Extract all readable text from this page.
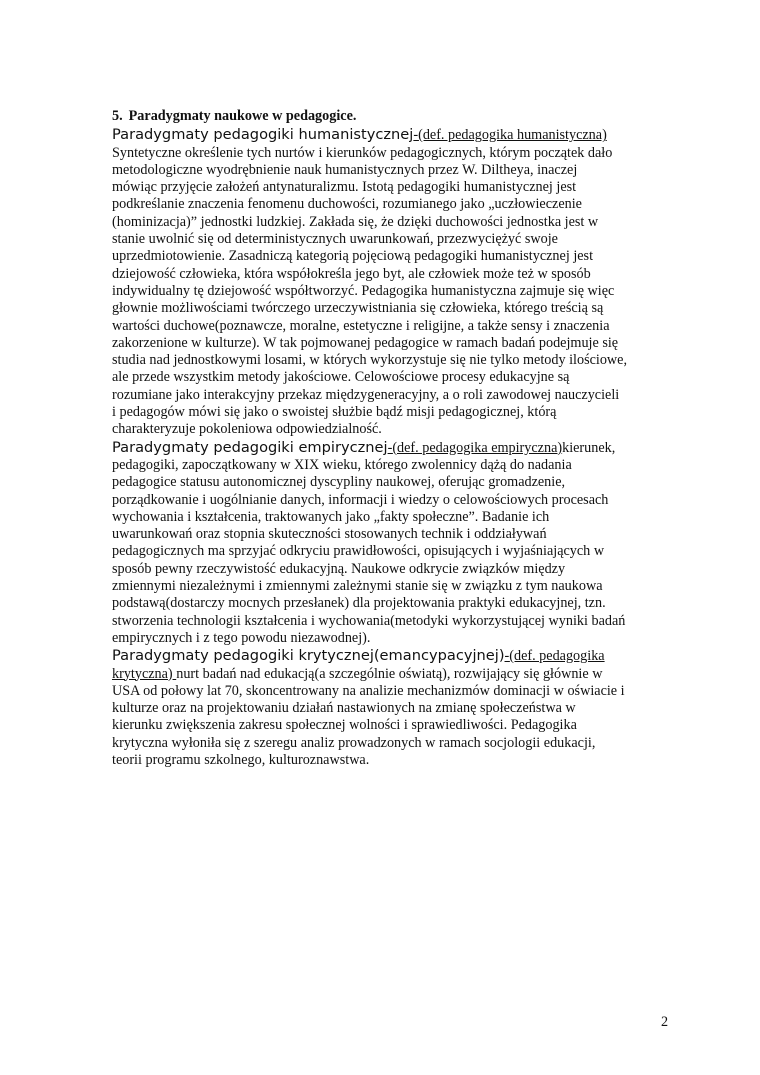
5. Paradygmaty naukowe w pedagogice.
Paradygmaty pedagogiki humanistycznej-(def. pedagogika humanistyczna)

Syntetyczne określenie tych nurtów i kierunków pedagogicznych, którym początek dało
metodologiczne wyodrębnienie nauk humanistycznych przez W. Diltheya, inaczej
mówiąc przyjęcie założeń antynaturalizmu. Istotą pedagogiki humanistycznej jest
podkreślanie znaczenia fenomenu duchowości, rozumianego jako „uczłowieczenie
(hominizacja)” jednostki ludzkiej. Zakłada się, że dzięki duchowości jednostka jest w
stanie uwolnić się od deterministycznych uwarunkowań, przezwyciężyć swoje
uprzedmiotowienie. Zasadniczą kategorią pojęciową pedagogiki humanistycznej jest
dziejowość człowieka, która współokreśla jego byt, ale człowiek może też w sposób
indywidualny tę dziejowość współtworzyć. Pedagogika humanistyczna zajmuje się więc
głownie możliwościami twórczego urzeczywistniania się człowieka, którego treścią są
wartości duchowe(poznawcze, moralne, estetyczne i religijne, a także sensy i znaczenia
zakorzenione w kulturze). W tak pojmowanej pedagogice w ramach badań podejmuje się
studia nad jednostkowymi losami, w których wykorzystuje się nie tylko metody ilościowe,
ale przede wszystkim metody jakościowe. Celowościowe procesy edukacyjne są
rozumiane jako interakcyjny przekaz międzygeneracyjny, a o roli zawodowej nauczycieli
i pedagogów mówi się jako o swoistej służbie bądź misji pedagogicznej, którą
charakteryzuje pokoleniowa odpowiedzialność.

Paradygmaty pedagogiki empirycznej-(def. pedagogika empiryczna)kierunek,

pedagogiki, zapoczątkowany w XIX wieku, którego zwolennicy dążą do nadania
pedagogice statusu autonomicznej dyscypliny naukowej, oferując gromadzenie,
porządkowanie i uogólnianie danych, informacji i wiedzy o celowościowych procesach
wychowania i kształcenia, traktowanych jako „fakty społeczne”. Badanie ich
uwarunkowań oraz stopnia skuteczności stosowanych technik i oddziaływań
pedagogicznych ma sprzyjać odkryciu prawidłowości, opisujących i wyjaśniających w
sposób pewny rzeczywistość edukacyjną. Naukowe odkrycie związków między
zmiennymi niezależnymi i zmiennymi zależnymi stanie się w związku z tym naukowa
podstawą(dostarczy mocnych przesłanek) dla projektowania praktyki edukacyjnej, tzn.
stworzenia technologii kształcenia i wychowania(metodyki wykorzystującej wyniki badań
empirycznych i z tego powodu niezawodnej).

Paradygmaty pedagogiki krytycznej(emancypacyjnej)-(def. pedagogika
krytyczna) nurt badań nad edukacją(a szczególnie oświatą), rozwijający się głównie w

USA od połowy lat 70, skoncentrowany na analizie mechanizmów dominacji w oświacie i
kulturze oraz na projektowaniu działań nastawionych na zmianę społeczeństwa w
kierunku zwiększenia zakresu społecznej wolności i sprawiedliwości. Pedagogika
krytyczna wyłoniła się z szeregu analiz prowadzonych w ramach socjologii edukacji,
teorii programu szkolnego, kulturoznawstwa.

2
